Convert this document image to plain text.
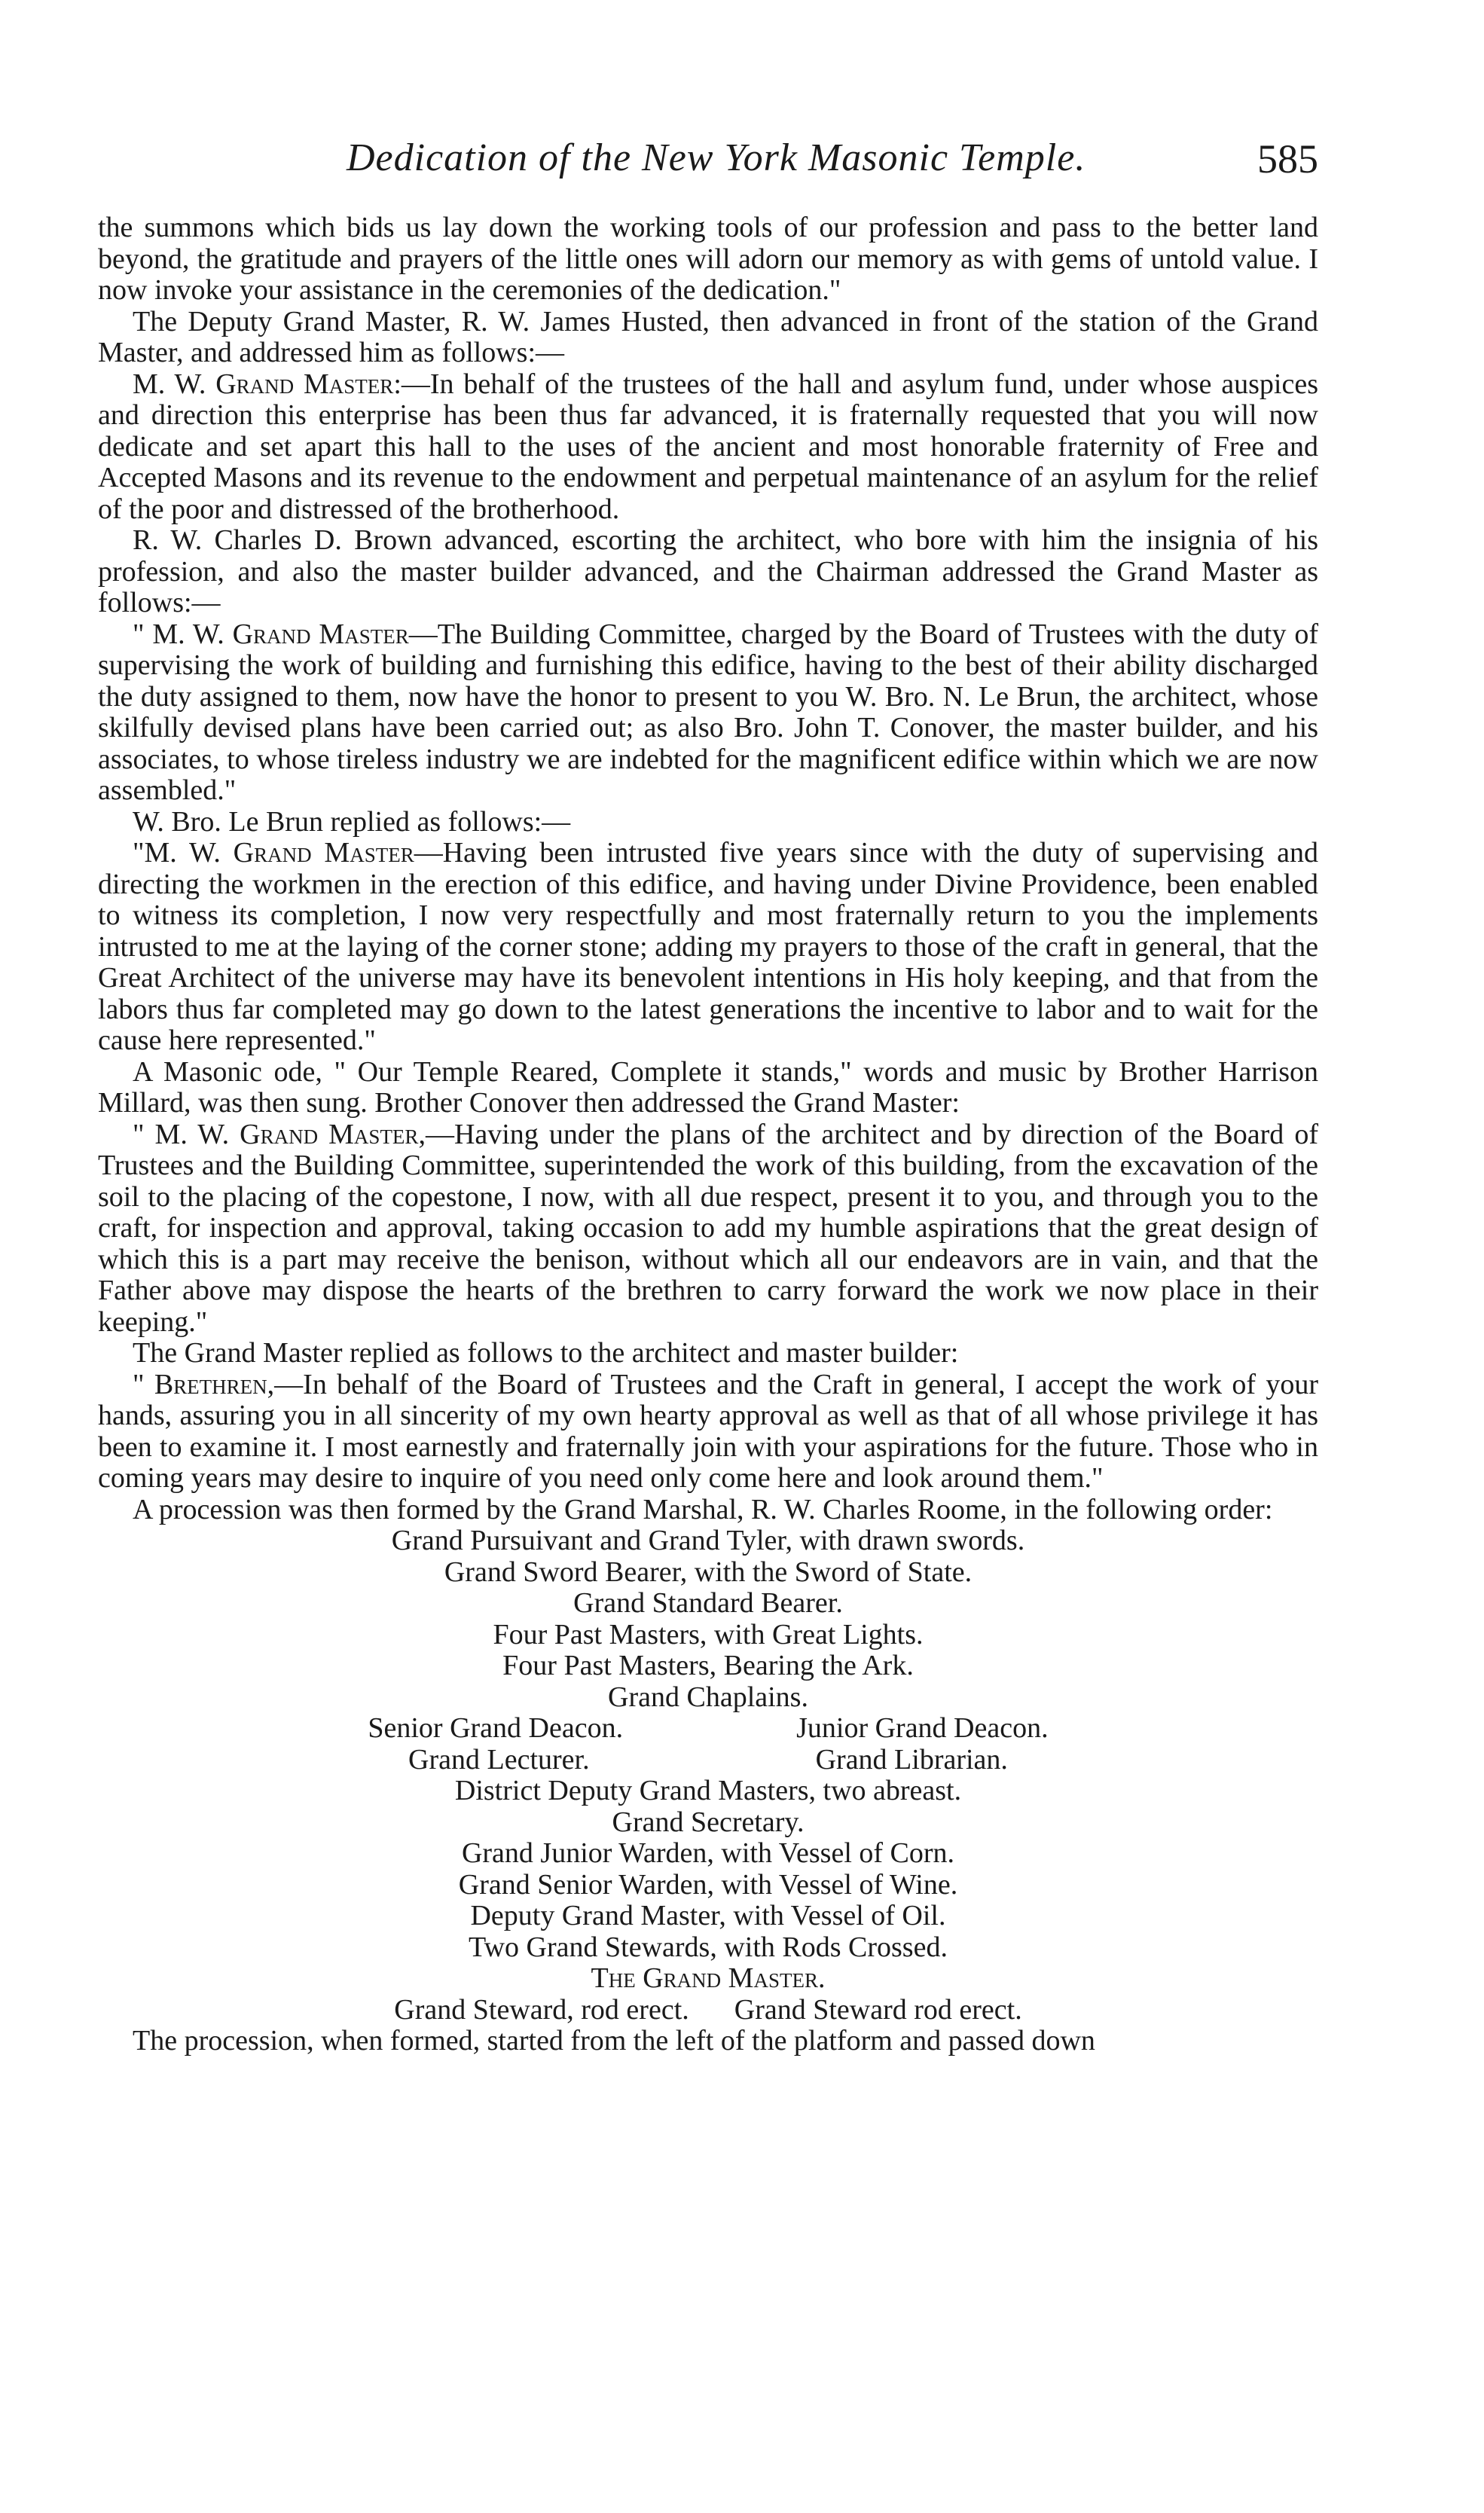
Dedication of the New York Masonic Temple.	585

the summons which bids us lay down the working tools of our profession and pass to the better land beyond, the gratitude and prayers of the little ones will adorn our memory as with gems of untold value. I now invoke your assistance in the ceremonies of the dedication."

The Deputy Grand Master, R. W. James Husted, then advanced in front of the station of the Grand Master, and addressed him as follows:—

M. W. Grand Master:—In behalf of the trustees of the hall and asylum fund, under whose auspices and direction this enterprise has been thus far advanced, it is fraternally requested that you will now dedicate and set apart this hall to the uses of the ancient and most honorable fraternity of Free and Accepted Masons and its revenue to the endowment and perpetual maintenance of an asylum for the relief of the poor and distressed of the brotherhood.

R. W. Charles D. Brown advanced, escorting the architect, who bore with him the insignia of his profession, and also the master builder advanced, and the Chairman addressed the Grand Master as follows:—

" M. W. Grand Master—The Building Committee, charged by the Board of Trustees with the duty of supervising the work of building and furnishing this edifice, having to the best of their ability discharged the duty assigned to them, now have the honor to present to you W. Bro. N. Le Brun, the architect, whose skilfully devised plans have been carried out; as also Bro. John T. Conover, the master builder, and his associates, to whose tireless industry we are indebted for the magnificent edifice within which we are now assembled."

W. Bro. Le Brun replied as follows:—

"M. W. Grand Master—Having been intrusted five years since with the duty of supervising and directing the workmen in the erection of this edifice, and having under Divine Providence, been enabled to witness its completion, I now very respectfully and most fraternally return to you the implements intrusted to me at the laying of the corner stone; adding my prayers to those of the craft in general, that the Great Architect of the universe may have its benevolent intentions in His holy keeping, and that from the labors thus far completed may go down to the latest generations the incentive to labor and to wait for the cause here represented."

A Masonic ode, " Our Temple Reared, Complete it stands," words and music by Brother Harrison Millard, was then sung. Brother Conover then addressed the Grand Master:

" M. W. Grand Master,—Having under the plans of the architect and by direction of the Board of Trustees and the Building Committee, superintended the work of this building, from the excavation of the soil to the placing of the copestone, I now, with all due respect, present it to you, and through you to the craft, for inspection and approval, taking occasion to add my humble aspirations that the great design of which this is a part may receive the benison, without which all our endeavors are in vain, and that the Father above may dispose the hearts of the brethren to carry forward the work we now place in their keeping."

The Grand Master replied as follows to the architect and master builder:

" Brethren,—In behalf of the Board of Trustees and the Craft in general, I accept the work of your hands, assuring you in all sincerity of my own hearty approval as well as that of all whose privilege it has been to examine it. I most earnestly and fraternally join with your aspirations for the future. Those who in coming years may desire to inquire of you need only come here and look around them."

A procession was then formed by the Grand Marshal, R. W. Charles Roome, in the following order:

Grand Pursuivant and Grand Tyler, with drawn swords.
Grand Sword Bearer, with the Sword of State.
Grand Standard Bearer.
Four Past Masters, with Great Lights.
Four Past Masters, Bearing the Ark.
Grand Chaplains.
Senior Grand Deacon.	Junior Grand Deacon.
Grand Lecturer.	Grand Librarian.
District Deputy Grand Masters, two abreast.
Grand Secretary.
Grand Junior Warden, with Vessel of Corn.
Grand Senior Warden, with Vessel of Wine.
Deputy Grand Master, with Vessel of Oil.
Two Grand Stewards, with Rods Crossed.
The Grand Master.
Grand Steward, rod erect. Grand Steward rod erect.

The procession, when formed, started from the left of the platform and passed down
